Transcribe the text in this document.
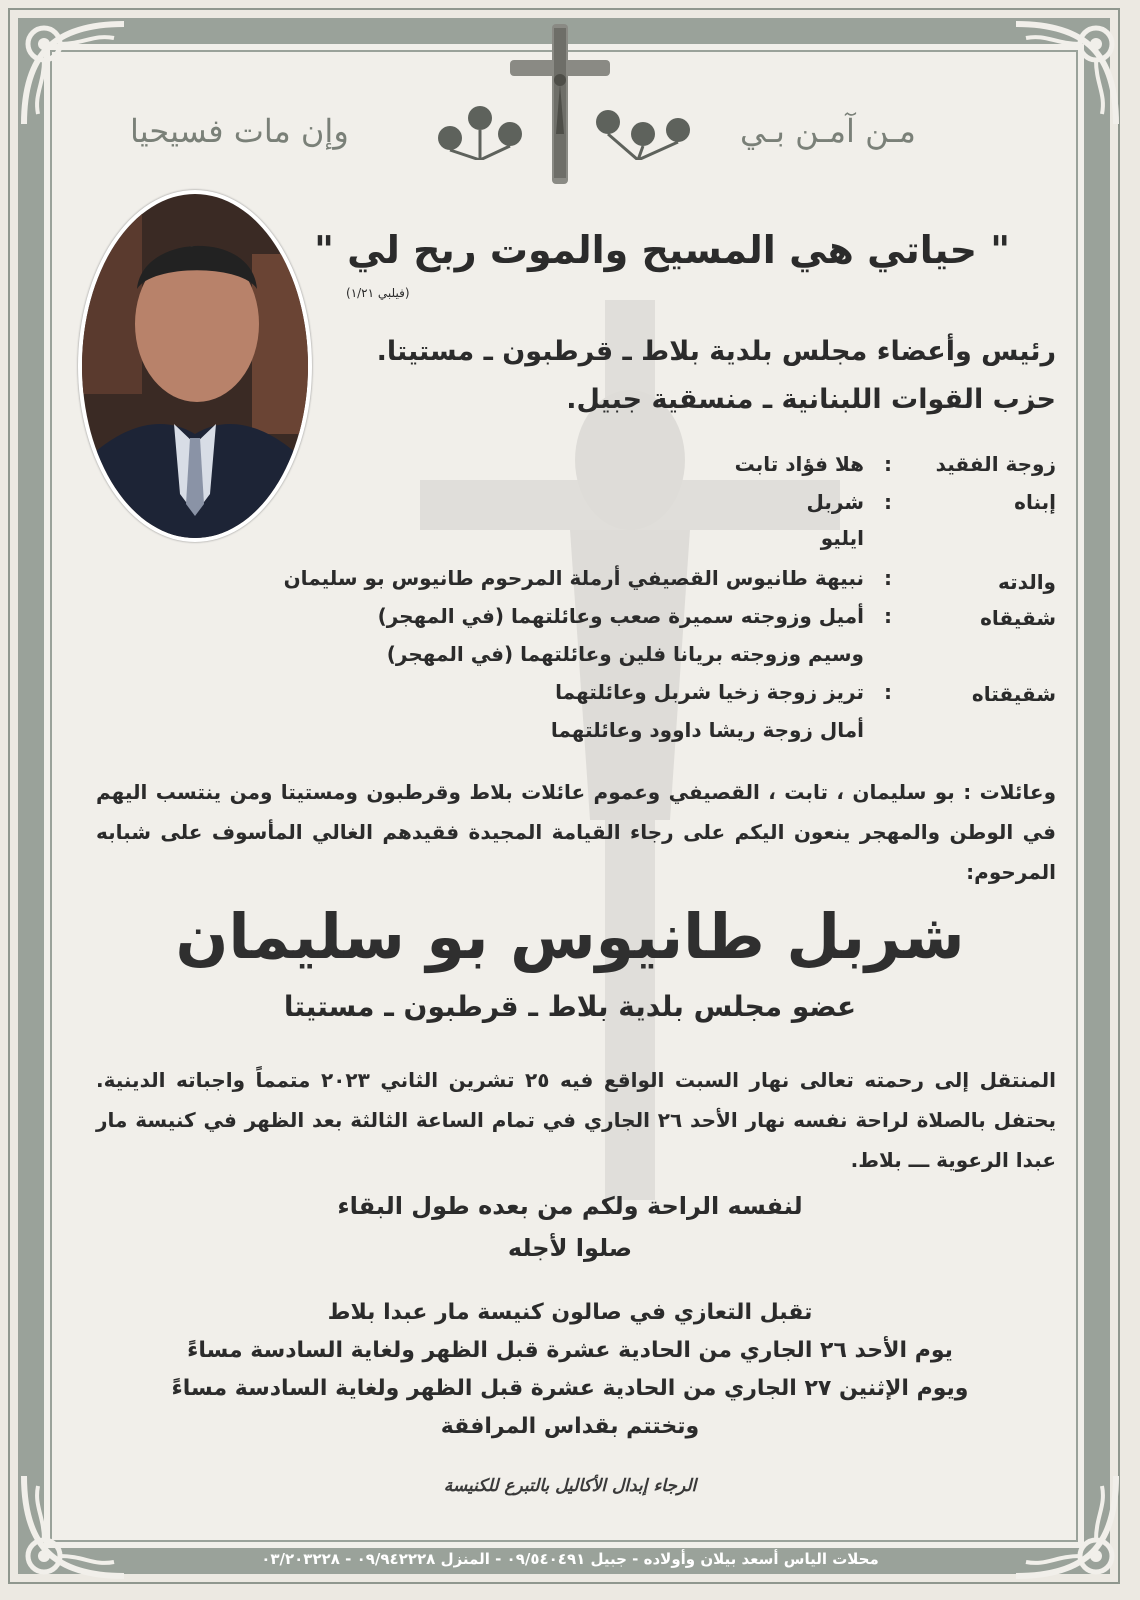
مـن آمـن بـي
وإن مات فسيحيا
" حياتي هي المسيح والموت ربح لي "
(فيلبي ١/٢١)
رئيس وأعضاء مجلس بلدية بلاط ـ قرطبون ـ مستيتا.
حزب القوات اللبنانية ـ منسقية جبيل.
زوجة الفقيد
:
هلا فؤاد تابت
إبناه
:
شربل
ايليو
والدته
:
نبيهة طانيوس القصيفي أرملة المرحوم طانيوس بو سليمان
شقيقاه
:
أميل وزوجته سميرة صعب وعائلتهما (في المهجر)
وسيم وزوجته بريانا فلين وعائلتهما (في المهجر)
شقيقتاه
:
تريز زوجة زخيا شربل وعائلتهما
أمال زوجة ريشا داوود وعائلتهما
وعائلات : بو سليمان ، تابت ، القصيفي وعموم عائلات بلاط وقرطبون ومستيتا ومن ينتسب اليهم في الوطن والمهجر ينعون اليكم على رجاء القيامة المجيدة فقيدهم الغالي المأسوف على شبابه المرحوم:
شربل طانيوس بو سليمان
عضو مجلس بلدية بلاط ـ قرطبون ـ مستيتا
المنتقل إلى رحمته تعالى نهار السبت الواقع فيه ٢٥ تشرين الثاني ٢٠٢٣ متمماً واجباته الدينية. يحتفل بالصلاة لراحة نفسه نهار الأحد ٢٦ الجاري في تمام الساعة الثالثة بعد الظهر في كنيسة مار عبدا الرعوية ـــ بلاط.
لنفسه الراحة ولكم من بعده طول البقاء
صلوا لأجله
تقبل التعازي في صالون كنيسة مار عبدا بلاط
يوم الأحد ٢٦ الجاري من الحادية عشرة قبل الظهر ولغاية السادسة مساءً
ويوم الإثنين ٢٧ الجاري من الحادية عشرة قبل الظهر ولغاية السادسة مساءً
وتختتم بقداس المرافقة
الرجاء إبدال الأكاليل بالتبرع للكنيسة
محلات الياس أسعد بيلان وأولاده - جبيل ٠٩/٥٤٠٤٩١ - المنزل ٠٩/٩٤٢٢٢٨ - ٠٣/٢٠٣٢٢٨
